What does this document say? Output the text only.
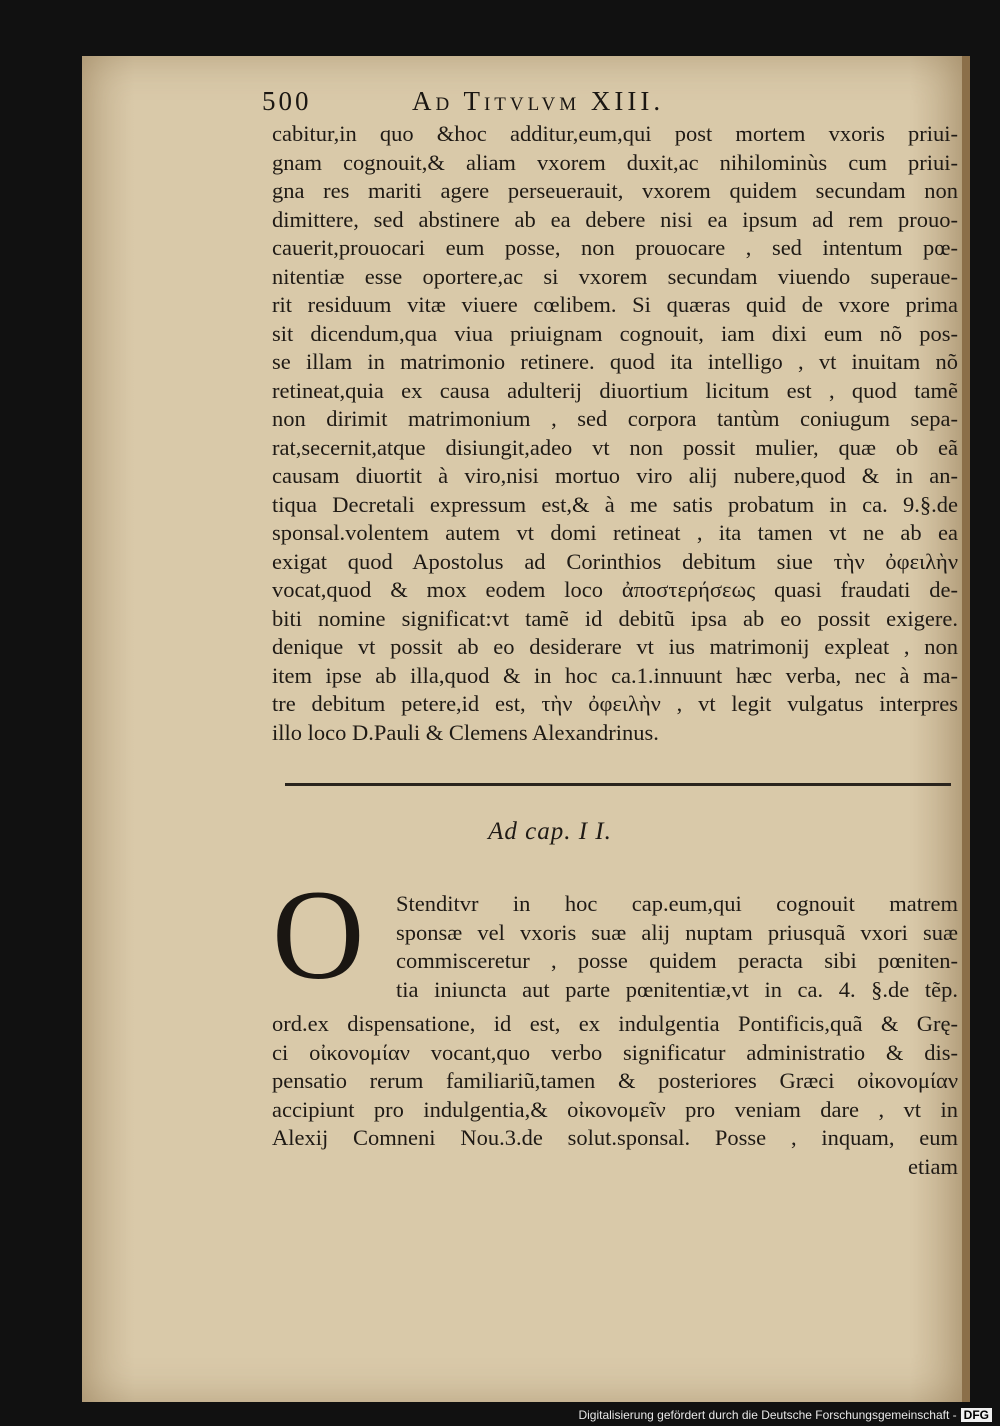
500	Ad Titvlvm XIII.
cabitur,in quo &hoc additur,eum,qui post mortem vxoris priui-
gnam cognouit,& aliam vxorem duxit,ac nihilominùs cum priui-
gna res mariti agere perseuerauit, vxorem quidem secundam non
dimittere, sed abstinere ab ea debere nisi ea ipsum ad rem prouo-
cauerit,prouocari eum posse, non prouocare , sed intentum pœ-
nitentiæ esse oportere,ac si vxorem secundam viuendo superaue-
rit residuum vitæ viuere cœlibem. Si quæras quid de vxore prima
sit dicendum,qua viua priuignam cognouit, iam dixi eum nõ pos-
se illam in matrimonio retinere. quod ita intelligo , vt inuitam nõ
retineat,quia ex causa adulterij diuortium licitum est , quod tamẽ
non dirimit matrimonium , sed corpora tantùm coniugum sepa-
rat,secernit,atque disiungit,adeo vt non possit mulier, quæ ob eã
causam diuortit à viro,nisi mortuo viro alij nubere,quod & in an-
tiqua Decretali expressum est,& à me satis probatum in ca. 9.§.de
sponsal.volentem autem vt domi retineat , ita tamen vt ne ab ea
exigat quod Apostolus ad Corinthios debitum siue τὴν ὀφειλὴν
vocat,quod & mox eodem loco ἀποστερήσεως quasi fraudati de-
biti nomine significat:vt tamẽ id debitũ ipsa ab eo possit exigere.
denique vt possit ab eo desiderare vt ius matrimonij expleat , non
item ipse ab illa,quod & in hoc ca.1.innuunt hæc verba, nec à ma-
tre debitum petere,id est, τὴν ὀφειλὴν , vt legit vulgatus interpres
illo loco D.Pauli & Clemens Alexandrinus.
Ad cap. I I.
O	Stenditvr in hoc cap.eum,qui cognouit matrem
sponsæ vel vxoris suæ alij nuptam priusquã vxori suæ
commisceretur , posse quidem peracta sibi pœniten-
tia iniuncta aut parte pœnitentiæ,vt in ca. 4. §.de tẽp.
ord.ex dispensatione, id est, ex indulgentia Pontificis,quã & Grę-
ci οἰκονομίαν vocant,quo verbo significatur administratio & dis-
pensatio rerum familiariũ,tamen & posteriores Græci οἰκονομίαν
accipiunt pro indulgentia,& οἰκονομεῖν pro veniam dare , vt in
Alexij Comneni Nou.3.de solut.sponsal. Posse , inquam, eum
etiam
Digitalisierung gefördert durch die Deutsche Forschungsgemeinschaft - DFG
